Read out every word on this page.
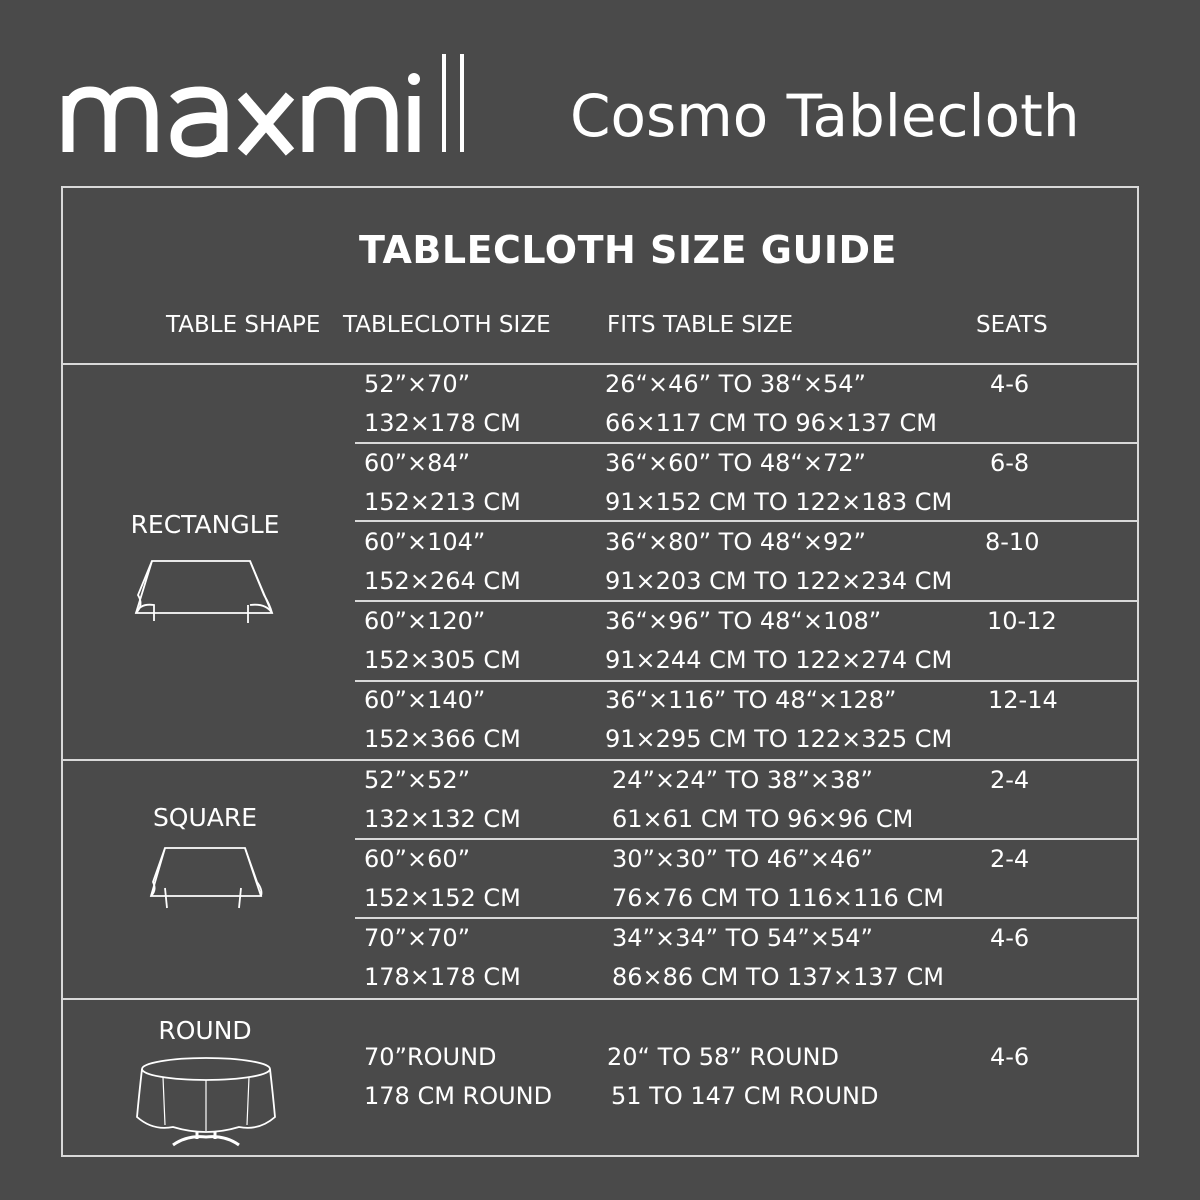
Cosmo Tablecloth
TABLECLOTH SIZE GUIDE
TABLE SHAPE TABLECLOTH SIZE FITS TABLE SIZE	SEATS
RECTANGLE
52”×70”
132×178 CM
26“×46” TO 38“×54”
66×117 CM TO 96×137 CM
4-6
60”×84”
152×213 CM
36“×60” TO 48“×72”
91×152 CM TO 122×183 CM
6-8
60”×104”
152×264 CM
36“×80” TO 48“×92”
91×203 CM TO 122×234 CM
8-10
60”×120”
152×305 CM
36“×96” TO 48“×108”
91×244 CM TO 122×274 CM
10-12
60”×140”
152×366 CM
36“×116” TO 48“×128”
91×295 CM TO 122×325 CM
12-14
SQUARE
52”×52”
132×132 CM
24”×24” TO 38”×38”
61×61 CM TO 96×96 CM
2-4
60”×60”
152×152 CM
30”×30” TO 46”×46”
76×76 CM TO 116×116 CM
2-4
70”×70”
178×178 CM
34”×34” TO 54”×54”
86×86 CM TO 137×137 CM
4-6
ROUND
70”ROUND
178 CM ROUND
20“ TO 58” ROUND
51 TO 147 CM ROUND
4-6
